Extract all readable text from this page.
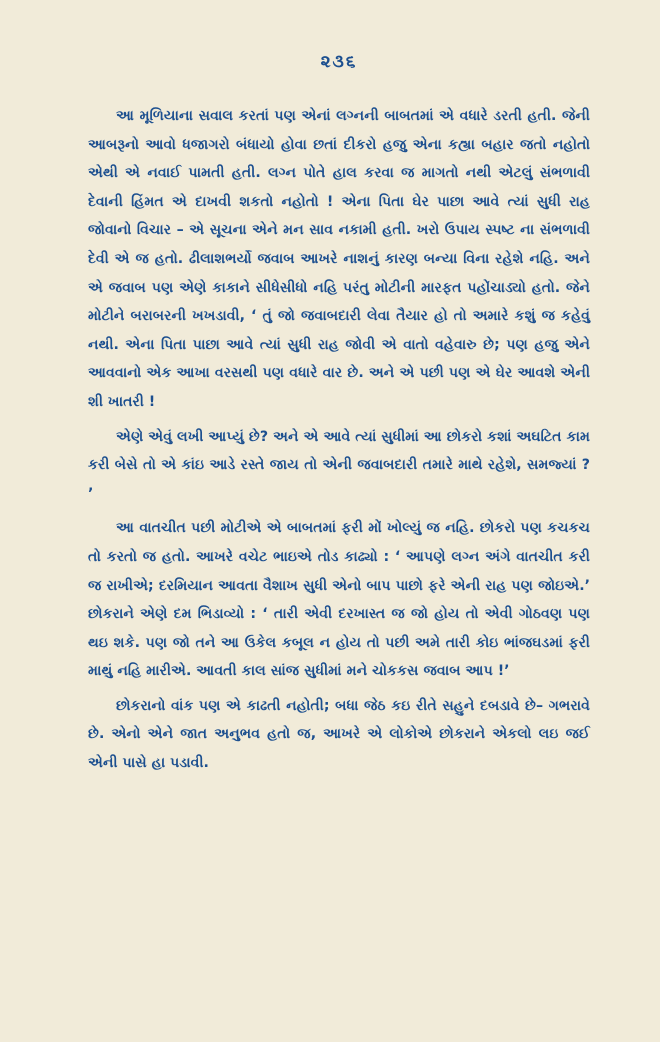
૨૩૬

આ મૂળિયાના સવાલ કરતાં પણ એનાં લગ્નની બાબતમાં એ વધારે ડરતી હતી. જેની આબરૂનો આવો ધજાગરો બંધાયો હોવા છતાં દીકરો હજુ એના કહ્યા બહાર જતો નહોતો એથી એ નવાઈ પામતી હતી. લગ્ન પોતે હાલ કરવા જ માગતો નથી એટલું સંભળાવી દેવાની હિંમત એ દાખવી શકતો નહોતો ! એના પિતા ઘેર પાછા આવે ત્યાં સુધી રાહ જોવાનો વિચાર – એ સૂચના એને મન સાવ નકામી હતી. ખરો ઉપાય સ્પષ્ટ ના સંભળાવી દેવી એ જ હતો. ઢીલાશભર્યો જવાબ આખરે નાશનું કારણ બન્યા વિના રહેશે નહિ. અને એ જવાબ પણ એણે કાકાને સીધેસીધો નહિ પરંતુ મોટીની મારફત પહોંચાડ્યો હતો. જેને મોટીને બરાબરની ખખડાવી, ‘ તું જો જવાબદારી લેવા તૈયાર હો તો અમારે કશું જ કહેવું નથી. એના પિતા પાછા આવે ત્યાં સુધી રાહ જોવી એ વાતો વહેવારુ છે; પણ હજુ એને આવવાનો એક આખા વરસથી પણ વધારે વાર છે. અને એ પછી પણ એ ઘેર આવશે એની શી ખાતરી !

એણે એવું લખી આપ્યું છે? અને એ આવે ત્યાં સુધીમાં આ છોકરો કશાં અઘટિત કામ કરી બેસે તો એ કાંઇ આડે રસ્તે જાય તો એની જવાબદારી તમારે માથે રહેશે, સમજ્યાં ? ’

આ વાતચીત પછી મોટીએ એ બાબતમાં ફરી મોં ખોલ્યું જ નહિ. છોકરો પણ કચકચ તો કરતો જ હતો. આખરે વચેટ ભાઇએ તોડ કાઢ્યો : ‘ આપણે લગ્ન અંગે વાતચીત કરી જ રાખીએ; દરમિયાન આવતા વૈશાખ સુધી એનો બાપ પાછો ફરે એની રાહ પણ જોઇએ.’ છોકરાને એણે દમ ભિડાવ્યો : ‘ તારી એવી દરખાસ્ત જ જો હોય તો એવી ગોઠવણ પણ થઇ શકે. પણ જો તને આ ઉકેલ કબૂલ ન હોય તો પછી અમે તારી કોઇ ભાંજઘડમાં ફરી માથું નહિ મારીએ. આવતી કાલ સાંજ સુધીમાં મને ચોકકસ જવાબ આપ !’

છોકરાનો વાંક પણ એ કાઢતી નહોતી; બધા જેઠ કઇ રીતે સહુને દબડાવે છે– ગભરાવે છે. એનો એને જાત અનુભવ હતો જ, આખરે એ લોકોએ છોકરાને એકલો લઇ જઈ એની પાસે હા પડાવી.
